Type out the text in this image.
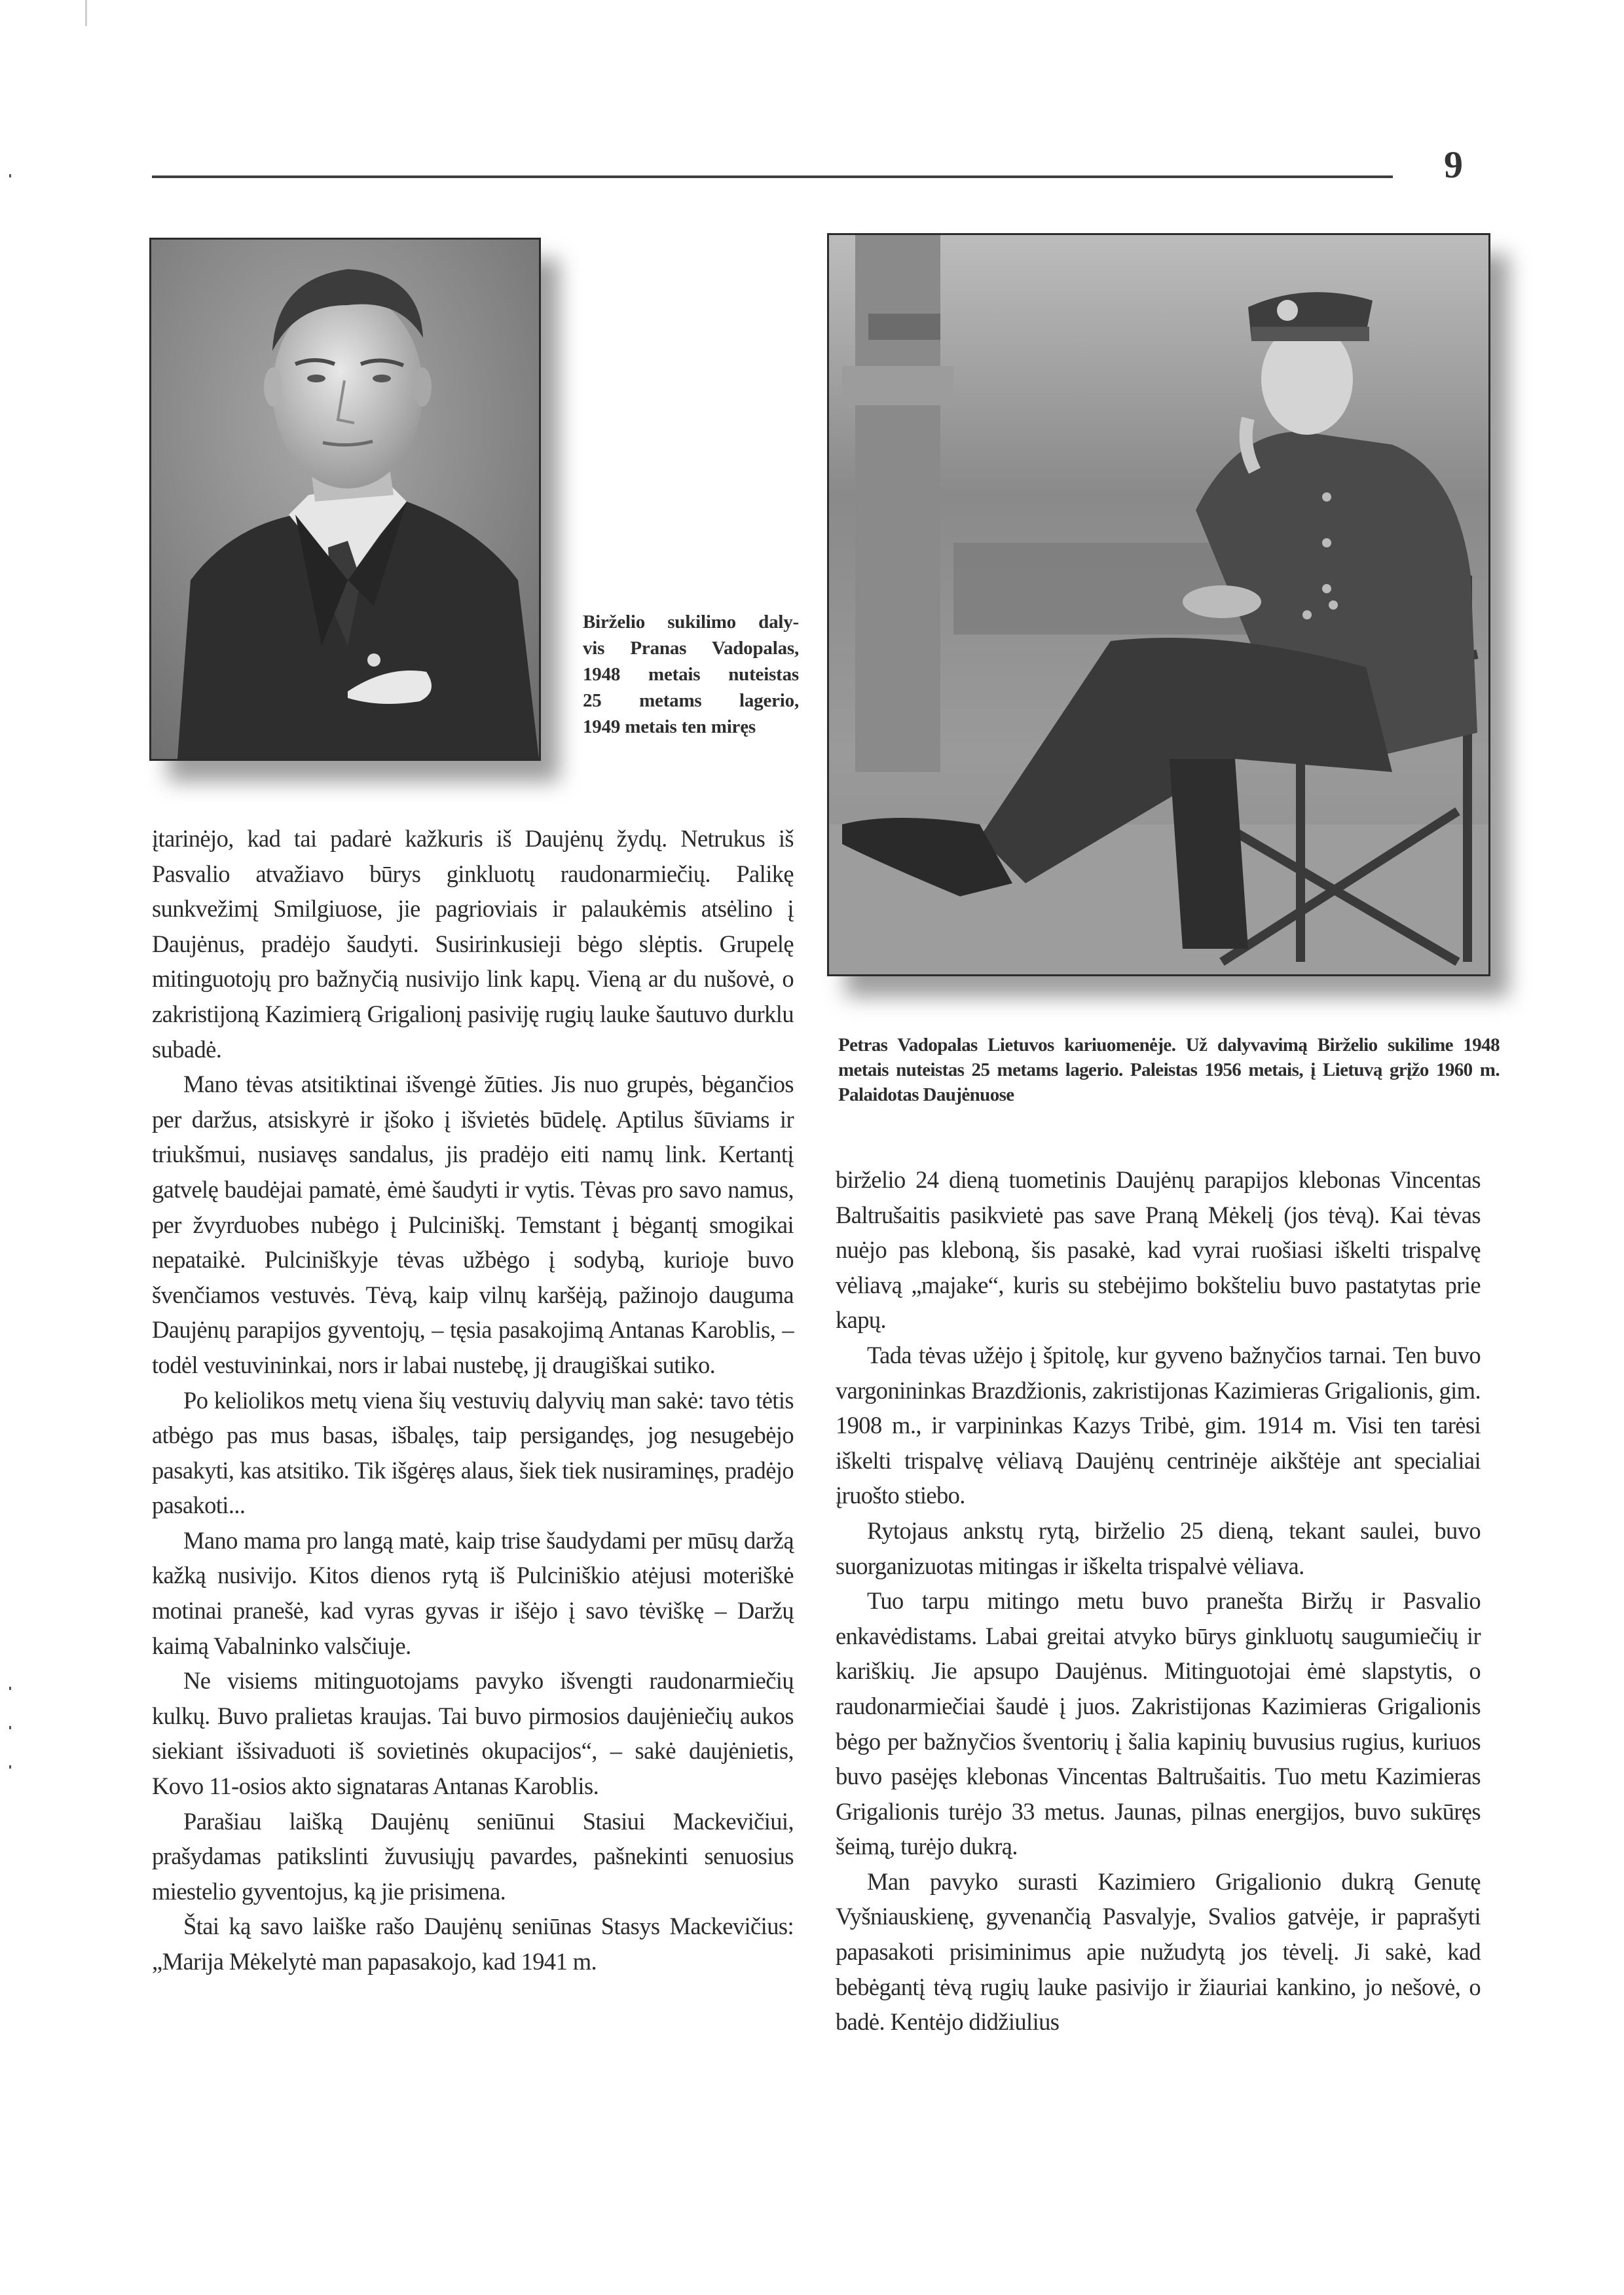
9
Birželio sukilimo daly-
vis Pranas Vadopalas,
1948 metais nuteistas
25 metams lagerio,
1949 metais ten miręs
Petras Vadopalas Lietuvos kariuomenėje. Už dalyvavimą Birželio sukilime 1948 metais nuteistas 25 metams lagerio. Paleistas 1956 metais, į Lietuvą grįžo 1960 m. Palaidotas Daujėnuose

įtarinėjo, kad tai padarė kažkuris iš Daujėnų žydų. Netrukus iš Pasvalio atvažiavo būrys ginkluotų raudonarmiečių. Palikę sunkvežimį Smilgiuose, jie pagrioviais ir palaukėmis atsėlino į Daujėnus, pradėjo šaudyti. Susirinkusieji bėgo slėptis. Grupelę mitinguotojų pro bažnyčią nusivijo link kapų. Vieną ar du nušovė, o zakristijoną Kazimierą Grigalionį pasiviję rugių lauke šautuvo durklu subadė.

Mano tėvas atsitiktinai išvengė žūties. Jis nuo grupės, bėgančios per daržus, atsiskyrė ir įšoko į išvietės būdelę. Aptilus šūviams ir triukšmui, nusiavęs sandalus, jis pradėjo eiti namų link. Kertantį gatvelę baudėjai pamatė, ėmė šaudyti ir vytis. Tėvas pro savo namus, per žvyrduobes nubėgo į Pulciniškį. Temstant į bėgantį smogikai nepataikė. Pulciniškyje tėvas užbėgo į sodybą, kurioje buvo švenčiamos vestuvės. Tėvą, kaip vilnų karšėją, pažinojo dauguma Daujėnų parapijos gyventojų, – tęsia pasakojimą Antanas Karoblis, – todėl vestuvininkai, nors ir labai nustebę, jį draugiškai sutiko.

Po keliolikos metų viena šių vestuvių dalyvių man sakė: tavo tėtis atbėgo pas mus basas, išbalęs, taip persigandęs, jog nesugebėjo pasakyti, kas atsitiko. Tik išgėręs alaus, šiek tiek nusiraminęs, pradėjo pasakoti...

Mano mama pro langą matė, kaip trise šaudydami per mūsų daržą kažką nusivijo. Kitos dienos rytą iš Pulciniškio atėjusi moteriškė motinai pranešė, kad vyras gyvas ir išėjo į savo tėviškę – Daržų kaimą Vabalninko valsčiuje.

Ne visiems mitinguotojams pavyko išvengti raudonarmiečių kulkų. Buvo pralietas kraujas. Tai buvo pirmosios daujėniečių aukos siekiant išsivaduoti iš sovietinės okupacijos“, – sakė daujėnietis, Kovo 11-osios akto signataras Antanas Karoblis.

Parašiau laišką Daujėnų seniūnui Stasiui Mackevičiui, prašydamas patikslinti žuvusiųjų pavardes, pašnekinti senuosius miestelio gyventojus, ką jie prisimena.

Štai ką savo laiške rašo Daujėnų seniūnas Stasys Mackevičius: „Marija Mėkelytė man papasakojo, kad 1941 m.

birželio 24 dieną tuometinis Daujėnų parapijos klebonas Vincentas Baltrušaitis pasikvietė pas save Praną Mėkelį (jos tėvą). Kai tėvas nuėjo pas kleboną, šis pasakė, kad vyrai ruošiasi iškelti trispalvę vėliavą „majake“, kuris su stebėjimo bokšteliu buvo pastatytas prie kapų.

Tada tėvas užėjo į špitolę, kur gyveno bažnyčios tarnai. Ten buvo vargonininkas Brazdžionis, zakristijonas Kazimieras Grigalionis, gim. 1908 m., ir varpininkas Kazys Tribė, gim. 1914 m. Visi ten tarėsi iškelti trispalvę vėliavą Daujėnų centrinėje aikštėje ant specialiai įruošto stiebo.

Rytojaus ankstų rytą, birželio 25 dieną, tekant saulei, buvo suorganizuotas mitingas ir iškelta trispalvė vėliava.

Tuo tarpu mitingo metu buvo pranešta Biržų ir Pasvalio enkavėdistams. Labai greitai atvyko būrys ginkluotų saugumiečių ir kariškių. Jie apsupo Daujėnus. Mitinguotojai ėmė slapstytis, o raudonarmiečiai šaudė į juos. Zakristijonas Kazimieras Grigalionis bėgo per bažnyčios šventorių į šalia kapinių buvusius rugius, kuriuos buvo pasėjęs klebonas Vincentas Baltrušaitis. Tuo metu Kazimieras Grigalionis turėjo 33 metus. Jaunas, pilnas energijos, buvo sukūręs šeimą, turėjo dukrą.

Man pavyko surasti Kazimiero Grigalionio dukrą Genutę Vyšniauskienę, gyvenančią Pasvalyje, Svalios gatvėje, ir paprašyti papasakoti prisiminimus apie nužudytą jos tėvelį. Ji sakė, kad bebėgantį tėvą rugių lauke pasivijo ir žiauriai kankino, jo nešovė, o badė. Kentėjo didžiulius
